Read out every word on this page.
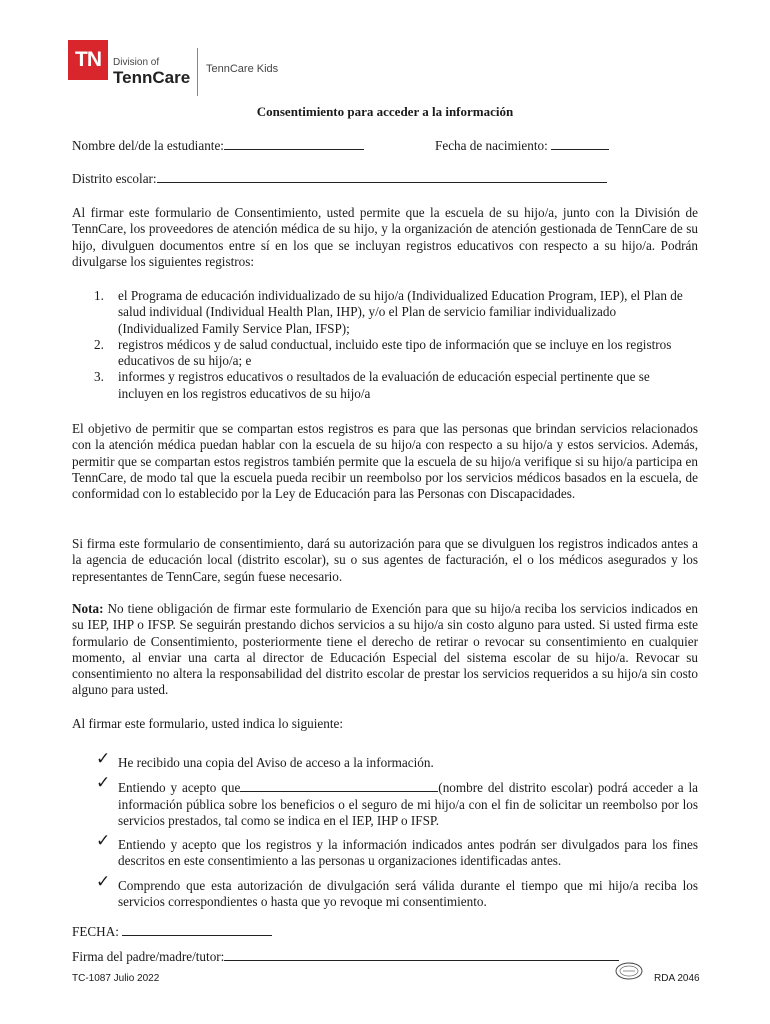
TN	Division of
TennCare TennCare Kids
Consentimiento para acceder a la información
Nombre del/de la estudiante:	Fecha de nacimiento:
Distrito escolar:
Al firmar este formulario de Consentimiento, usted permite que la escuela de su hijo/a, junto con la División de TennCare, los proveedores de atención médica de su hijo, y la organización de atención gestionada de TennCare de su hijo, divulguen documentos entre sí en los que se incluyan registros educativos con respecto a su hijo/a. Podrán divulgarse los siguientes registros:
1.	el Programa de educación individualizado de su hijo/a (Individualized Education Program, IEP), el Plan de salud individual (Individual Health Plan, IHP), y/o el Plan de servicio familiar individualizado (Individualized Family Service Plan, IFSP);
2.	registros médicos y de salud conductual, incluido este tipo de información que se incluye en los registros educativos de su hijo/a; e
3.	informes y registros educativos o resultados de la evaluación de educación especial pertinente que se incluyen en los registros educativos de su hijo/a
El objetivo de permitir que se compartan estos registros es para que las personas que brindan servicios relacionados con la atención médica puedan hablar con la escuela de su hijo/a con respecto a su hijo/a y estos servicios. Además, permitir que se compartan estos registros también permite que la escuela de su hijo/a verifique si su hijo/a participa en TennCare, de modo tal que la escuela pueda recibir un reembolso por los servicios médicos basados en la escuela, de conformidad con lo establecido por la Ley de Educación para las Personas con Discapacidades.
Si firma este formulario de consentimiento, dará su autorización para que se divulguen los registros indicados antes a la agencia de educación local (distrito escolar), su o sus agentes de facturación, el o los médicos asegurados y los representantes de TennCare, según fuese necesario.
Nota: No tiene obligación de firmar este formulario de Exención para que su hijo/a reciba los servicios indicados en su IEP, IHP o IFSP. Se seguirán prestando dichos servicios a su hijo/a sin costo alguno para usted. Si usted firma este formulario de Consentimiento, posteriormente tiene el derecho de retirar o revocar su consentimiento en cualquier momento, al enviar una carta al director de Educación Especial del sistema escolar de su hijo/a. Revocar su consentimiento no altera la responsabilidad del distrito escolar de prestar los servicios requeridos a su hijo/a sin costo alguno para usted.
Al firmar este formulario, usted indica lo siguiente:
✓ He recibido una copia del Aviso de acceso a la información.
✓ Entiendo y acepto que	(nombre del distrito escolar) podrá acceder a la información pública sobre los beneficios o el seguro de mi hijo/a con el fin de solicitar un reembolso por los servicios prestados, tal como se indica en el IEP, IHP o IFSP.
✓ Entiendo y acepto que los registros y la información indicados antes podrán ser divulgados para los fines descritos en este consentimiento a las personas u organizaciones identificadas antes.
✓ Comprendo que esta autorización de divulgación será válida durante el tiempo que mi hijo/a reciba los servicios correspondientes o hasta que yo revoque mi consentimiento.
FECHA:
Firma del padre/madre/tutor:
TC-1087 Julio 2022	RDA 2046
